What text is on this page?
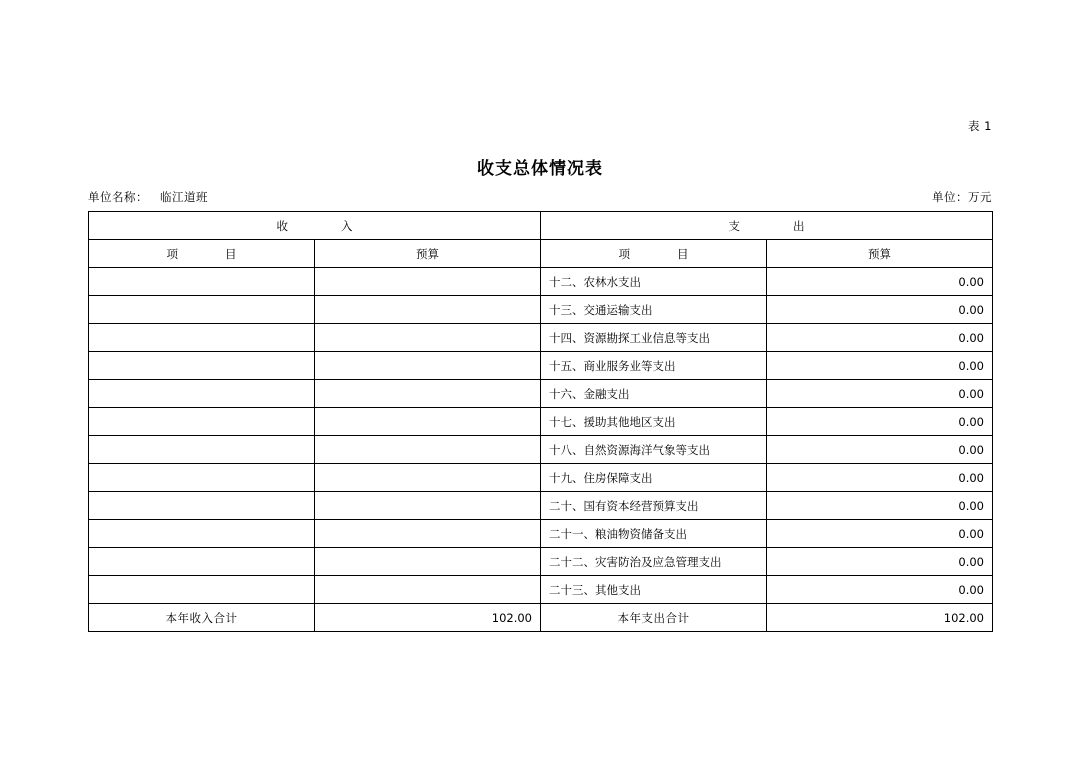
表 1
收支总体情况表
单位名称： 临江道班	单位：万元
收　　入		支　　出	
项　　目	预算	项　　目	预算
		十二、农林水支出	0.00
		十三、交通运输支出	0.00
		十四、资源勘探工业信息等支出	0.00
		十五、商业服务业等支出	0.00
		十六、金融支出	0.00
		十七、援助其他地区支出	0.00
		十八、自然资源海洋气象等支出	0.00
		十九、住房保障支出	0.00
		二十、国有资本经营预算支出	0.00
		二十一、粮油物资储备支出	0.00
		二十二、灾害防治及应急管理支出	0.00
		二十三、其他支出	0.00
本年收入合计	102.00	本年支出合计	102.00
